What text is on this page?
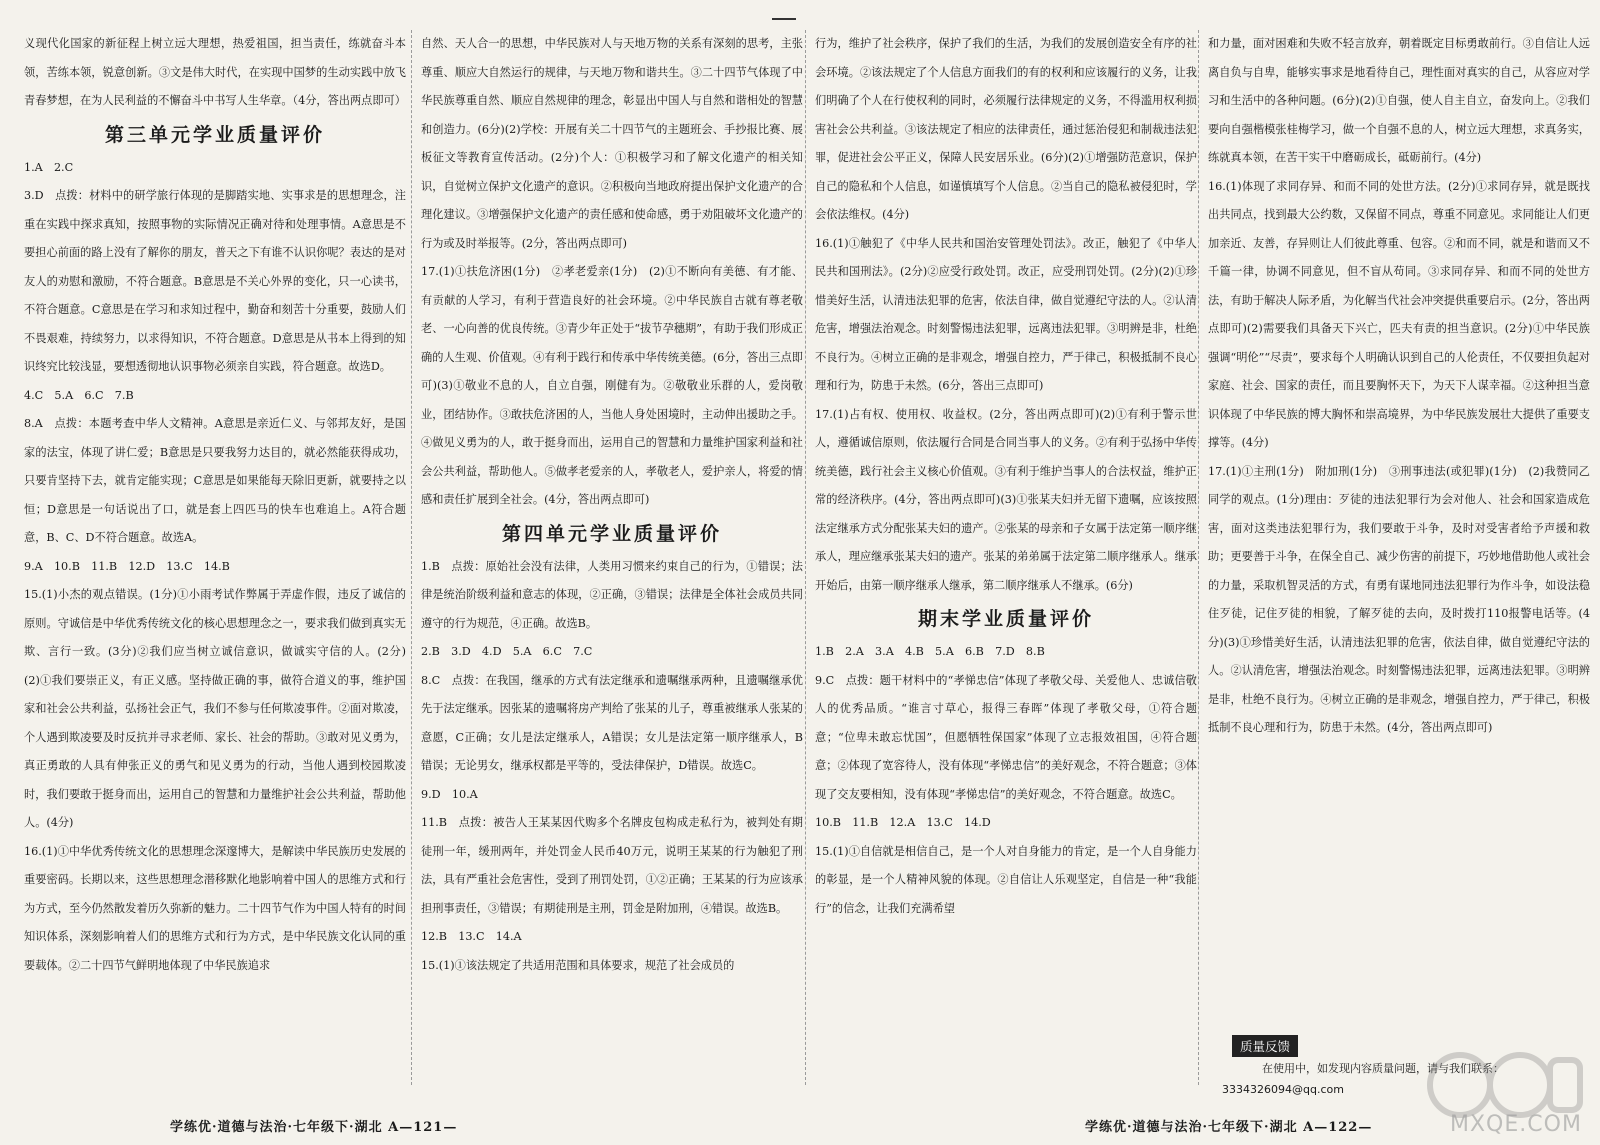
义现代化国家的新征程上树立远大理想，热爱祖国，担当责任，练就奋斗本领，苦练本领，锐意创新。③文是伟大时代，在实现中国梦的生动实践中放飞青春梦想，在为人民利益的不懈奋斗中书写人生华章。（4分，答出两点即可）

第三单元学业质量评价

1.A　2.C

3.D　点拨：材料中的研学旅行体现的是脚踏实地、实事求是的思想理念，注重在实践中探求真知，按照事物的实际情况正确对待和处理事情。A意思是不要担心前面的路上没有了解你的朋友，普天之下有谁不认识你呢？表达的是对友人的劝慰和激励，不符合题意。B意思是不关心外界的变化，只一心读书，不符合题意。C意思是在学习和求知过程中，勤奋和刻苦十分重要，鼓励人们不畏艰难，持续努力，以求得知识，不符合题意。D意思是从书本上得到的知识终究比较浅显，要想透彻地认识事物必须亲自实践，符合题意。故选D。

4.C　5.A　6.C　7.B

8.A　点拨：本题考查中华人文精神。A意思是亲近仁义、与邻邦友好，是国家的法宝，体现了讲仁爱；B意思是只要我努力达目的，就必然能获得成功，只要肯坚持下去，就肯定能实现；C意思是如果能每天除旧更新，就要持之以恒；D意思是一句话说出了口，就是套上四匹马的快车也难追上。A符合题意，B、C、D不符合题意。故选A。

9.A　10.B　11.B　12.D　13.C　14.B

15.(1)小杰的观点错误。(1分)①小雨考试作弊属于弄虚作假，违反了诚信的原则。守诚信是中华优秀传统文化的核心思想理念之一，要求我们做到真实无欺、言行一致。(3分)②我们应当树立诚信意识，做诚实守信的人。(2分)(2)①我们要崇正义，有正义感。坚持做正确的事，做符合道义的事，维护国家和社会公共利益，弘扬社会正气，我们不参与任何欺凌事件。②面对欺凌，个人遇到欺凌要及时反抗并寻求老师、家长、社会的帮助。③敢对见义勇为，真正勇敢的人具有伸张正义的勇气和见义勇为的行动，当他人遇到校园欺凌时，我们要敢于挺身而出，运用自己的智慧和力量维护社会公共利益，帮助他人。(4分)

16.(1)①中华优秀传统文化的思想理念深邃博大，是解读中华民族历史发展的重要密码。长期以来，这些思想理念潜移默化地影响着中国人的思维方式和行为方式，至今仍然散发着历久弥新的魅力。二十四节气作为中国人特有的时间知识体系，深刻影响着人们的思维方式和行为方式，是中华民族文化认同的重要载体。②二十四节气鲜明地体现了中华民族追求

自然、天人合一的思想，中华民族对人与天地万物的关系有深刻的思考，主张尊重、顺应大自然运行的规律，与天地万物和谐共生。③二十四节气体现了中华民族尊重自然、顺应自然规律的理念，彰显出中国人与自然和谐相处的智慧和创造力。(6分)(2)学校：开展有关二十四节气的主题班会、手抄报比赛、展板征文等教育宣传活动。(2分)个人：①积极学习和了解文化遗产的相关知识，自觉树立保护文化遗产的意识。②积极向当地政府提出保护文化遗产的合理化建议。③增强保护文化遗产的责任感和使命感，勇于劝阻破坏文化遗产的行为或及时举报等。(2分，答出两点即可)

17.(1)①扶危济困(1分)　②孝老爱亲(1分)　(2)①不断向有美德、有才能、有贡献的人学习，有利于营造良好的社会环境。②中华民族自古就有尊老敬老、一心向善的优良传统。③青少年正处于“拔节孕穗期”，有助于我们形成正确的人生观、价值观。④有利于践行和传承中华传统美德。(6分，答出三点即可)(3)①敬业不息的人，自立自强，刚健有为。②敬敬业乐群的人，爱岗敬业，团结协作。③敢扶危济困的人，当他人身处困境时，主动伸出援助之手。④做见义勇为的人，敢于挺身而出，运用自己的智慧和力量维护国家利益和社会公共利益，帮助他人。⑤做孝老爱亲的人，孝敬老人，爱护亲人，将爱的情感和责任扩展到全社会。(4分，答出两点即可)

第四单元学业质量评价

1.B　点拨：原始社会没有法律，人类用习惯来约束自己的行为，①错误；法律是统治阶级利益和意志的体现，②正确，③错误；法律是全体社会成员共同遵守的行为规范，④正确。故选B。

2.B　3.D　4.D　5.A　6.C　7.C

8.C　点拨：在我国，继承的方式有法定继承和遗嘱继承两种，且遗嘱继承优先于法定继承。因张某的遗嘱将房产判给了张某的儿子，尊重被继承人张某的意愿，C正确；女儿是法定继承人，A错误；女儿是法定第一顺序继承人，B错误；无论男女，继承权都是平等的，受法律保护，D错误。故选C。

9.D　10.A

11.B　点拨：被告人王某某因代购多个名牌皮包构成走私行为，被判处有期徒刑一年，缓刑两年，并处罚金人民币40万元，说明王某某的行为触犯了刑法，具有严重社会危害性，受到了刑罚处罚，①②正确；王某某的行为应该承担刑事责任，③错误；有期徒刑是主刑，罚金是附加刑，④错误。故选B。

12.B　13.C　14.A

15.(1)①该法规定了共适用范围和具体要求，规范了社会成员的

行为，维护了社会秩序，保护了我们的生活，为我们的发展创造安全有序的社会环境。②该法规定了个人信息方面我们的有的权利和应该履行的义务，让我们明确了个人在行使权利的同时，必须履行法律规定的义务，不得滥用权利损害社会公共利益。③该法规定了相应的法律责任，通过惩治侵犯和制裁违法犯罪，促进社会公平正义，保障人民安居乐业。(6分)(2)①增强防范意识，保护自己的隐私和个人信息，如谨慎填写个人信息。②当自己的隐私被侵犯时，学会依法维权。(4分)

16.(1)①触犯了《中华人民共和国治安管理处罚法》。改正，触犯了《中华人民共和国刑法》。(2分)②应受行政处罚。改正，应受刑罚处罚。(2分)(2)①珍惜美好生活，认清违法犯罪的危害，依法自律，做自觉遵纪守法的人。②认清危害，增强法治观念。时刻警惕违法犯罪，远离违法犯罪。③明辨是非，杜绝不良行为。④树立正确的是非观念，增强自控力，严于律己，积极抵制不良心理和行为，防患于未然。(6分，答出三点即可)

17.(1)占有权、使用权、收益权。(2分，答出两点即可)(2)①有利于警示世人，遵循诚信原则，依法履行合同是合同当事人的义务。②有利于弘扬中华传统美德，践行社会主义核心价值观。③有利于维护当事人的合法权益，维护正常的经济秩序。(4分，答出两点即可)(3)①张某夫妇并无留下遗嘱，应该按照法定继承方式分配张某夫妇的遗产。②张某的母亲和子女属于法定第一顺序继承人，理应继承张某夫妇的遗产。张某的弟弟属于法定第二顺序继承人。继承开始后，由第一顺序继承人继承，第二顺序继承人不继承。(6分)

期末学业质量评价

1.B　2.A　3.A　4.B　5.A　6.B　7.D　8.B

9.C　点拨：题干材料中的“孝悌忠信”体现了孝敬父母、关爱他人、忠诚信敬人的优秀品质。“谁言寸草心，报得三春晖”体现了孝敬父母，①符合题意；“位卑未敢忘忧国”，但愿牺牲保国家”体现了立志报效祖国，④符合题意；②体现了宽容待人，没有体现“孝悌忠信”的美好观念，不符合题意；③体现了交友要相知，没有体现“孝悌忠信”的美好观念，不符合题意。故选C。

10.B　11.B　12.A　13.C　14.D

15.(1)①自信就是相信自己，是一个人对自身能力的肯定，是一个人自身能力的彰显，是一个人精神风貌的体现。②自信让人乐观坚定，自信是一种“我能行”的信念，让我们充满希望

和力量，面对困难和失败不轻言放弃，朝着既定目标勇敢前行。③自信让人远离自负与自卑，能够实事求是地看待自己，理性面对真实的自己，从容应对学习和生活中的各种问题。(6分)(2)①自强，使人自主自立，奋发向上。②我们要向自强楷模张桂梅学习，做一个自强不息的人，树立远大理想，求真务实，练就真本领，在苦干实干中磨砺成长，砥砺前行。(4分)

16.(1)体现了求同存异、和而不同的处世方法。(2分)①求同存异，就是既找出共同点，找到最大公约数，又保留不同点，尊重不同意见。求同能让人们更加亲近、友善，存异则让人们彼此尊重、包容。②和而不同，就是和谐而又不千篇一律，协调不同意见，但不盲从苟同。③求同存异、和而不同的处世方法，有助于解决人际矛盾，为化解当代社会冲突提供重要启示。(2分，答出两点即可)(2)需要我们具备天下兴亡，匹夫有责的担当意识。(2分)①中华民族强调“明伦”“尽责”，要求每个人明确认识到自己的人伦责任，不仅要担负起对家庭、社会、国家的责任，而且要胸怀天下，为天下人谋幸福。②这种担当意识体现了中华民族的博大胸怀和崇高境界，为中华民族发展壮大提供了重要支撑等。(4分)

17.(1)①主刑(1分)　附加刑(1分)　③刑事违法(或犯罪)(1分)　(2)我赞同乙同学的观点。(1分)理由：歹徒的违法犯罪行为会对他人、社会和国家造成危害，面对这类违法犯罪行为，我们要敢于斗争，及时对受害者给予声援和救助；更要善于斗争，在保全自己、减少伤害的前提下，巧妙地借助他人或社会的力量，采取机智灵活的方式，有勇有谋地同违法犯罪行为作斗争，如设法稳住歹徒，记住歹徒的相貌，了解歹徒的去向，及时拨打110报警电话等。(4分)(3)①珍惜美好生活，认清违法犯罪的危害，依法自律，做自觉遵纪守法的人。②认清危害，增强法治观念。时刻警惕违法犯罪，远离违法犯罪。③明辨是非，杜绝不良行为。④树立正确的是非观念，增强自控力，严于律己，积极抵制不良心理和行为，防患于未然。(4分，答出两点即可)

质量反馈
在使用中，如发现内容质量问题，请与我们联系：
3334326094@qq.com
MXQE.COM
学练优·道德与法治·七年级下·湖北 A—121—	学练优·道德与法治·七年级下·湖北 A—122—
